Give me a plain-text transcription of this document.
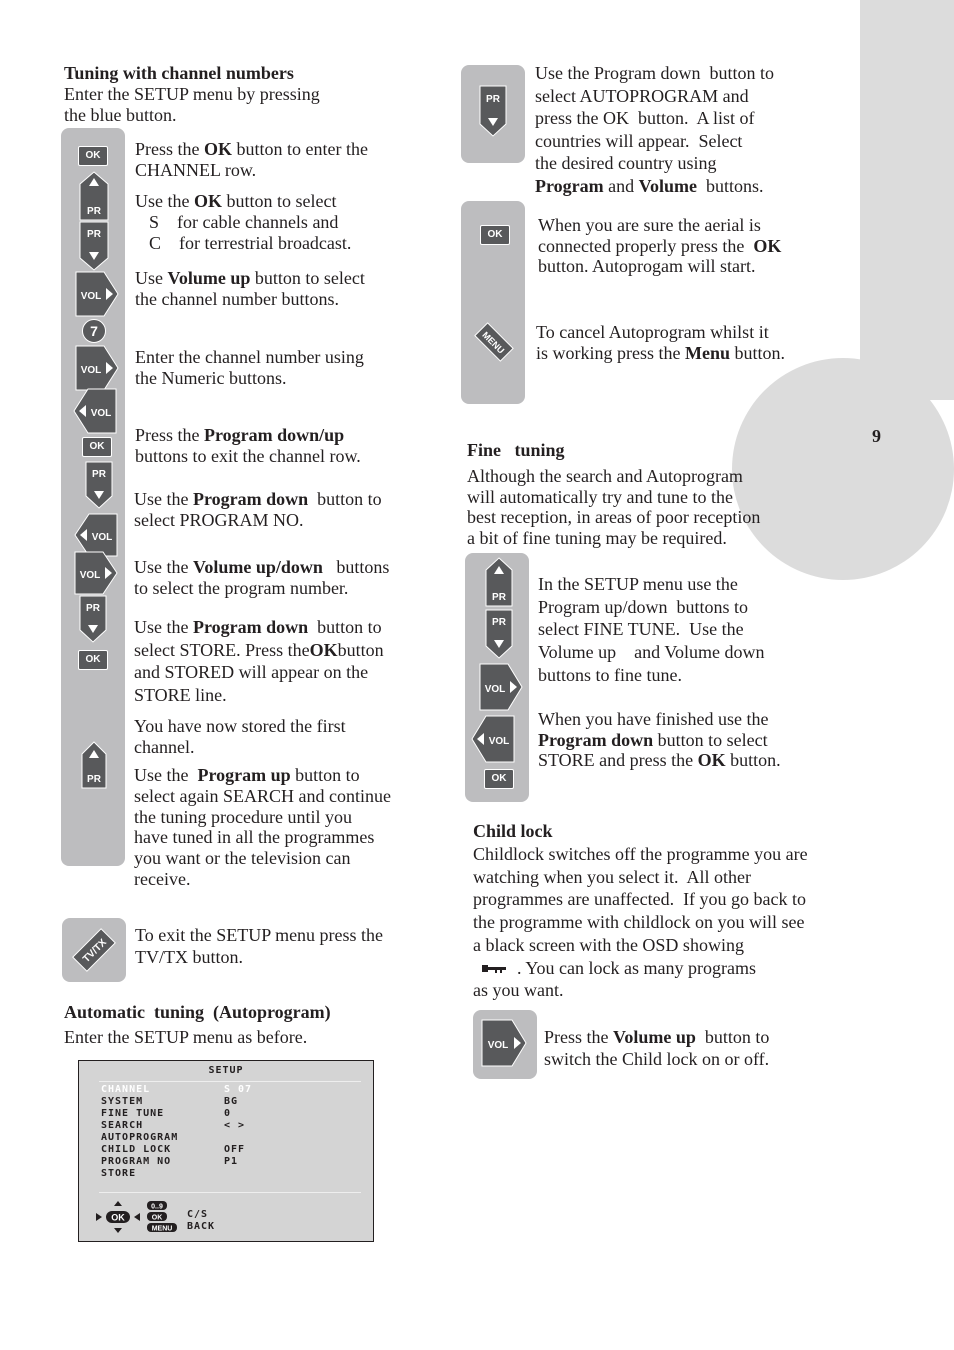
9
Tuning with channel numbers
Enter the SETUP menu by pressing
the blue button.
OK
PR
PR
VOL
7
VOL
VOL
OK
PR
VOL
VOL
PR
OK
PR
Press the OK button to enter the
CHANNEL row.
Use the OK button to select
S    for cable channels and
C    for terrestrial broadcast.
Use Volume up button to select
the channel number buttons.
Enter the channel number using
the Numeric buttons.
Press the Program down/up
buttons to exit the channel row.
Use the Program down  button to
select PROGRAM NO.
Use the Volume up/down   buttons
to select the program number.
Use the Program down  button to
select STORE. Press theOKbutton
and STORED will appear on the
STORE line.
You have now stored the first
channel.
Use the  Program up button to
select again SEARCH and continue
the tuning procedure until you
have tuned in all the programmes
you want or the television can
receive.
TV/TX
To exit the SETUP menu press the
TV/TX button.
Automatic  tuning  (Autoprogram)
Enter the SETUP menu as before.
SETUP
CHANNEL	S 07
SYSTEM	BG
FINE TUNE	0
SEARCH	< >
AUTOPROGRAM
CHILD LOCK	OFF
PROGRAM NO	P1
STORE
OK
0..9
OK
MENU
C/S
BACK
PR
Use the Program down  button to
select AUTOPROGRAM and
press the OK  button.  A list of
countries will appear.  Select
the desired country using
Program and Volume  buttons.
OK
MENU
When you are sure the aerial is
connected properly press the  OK
button. Autoprogam will start.
To cancel Autoprogram whilst it
is working press the Menu button.
Fine   tuning
Although the search and Autoprogram
will automatically try and tune to the
best reception, in areas of poor reception
a bit of fine tuning may be required.
PR
PR
VOL
VOL
OK
In the SETUP menu use the
Program up/down  buttons to
select FINE TUNE.  Use the
Volume up    and Volume down
buttons to fine tune.
When you have finished use the
Program down button to select
STORE and press the OK button.
Child lock
Childlock switches off the programme you are
watching when you select it.  All other
programmes are unaffected.  If you go back to
the programme with childlock on you will see
a black screen with the OSD showing
. You can lock as many programs
as you want.
VOL Press the Volume up  button to
switch the Child lock on or off.
